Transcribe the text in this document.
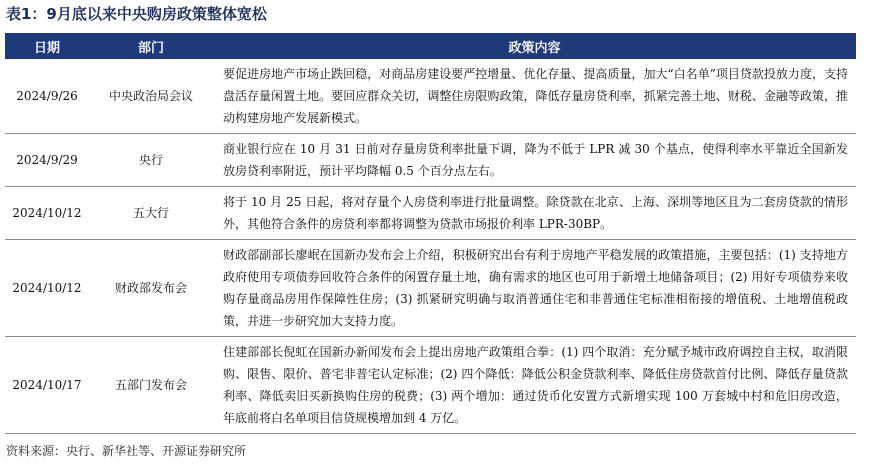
表1：9月底以来中央购房政策整体宽松
日期	部门	政策内容
2024/9/26	中央政治局会议	要促进房地产市场止跌回稳，对商品房建设要严控增量、优化存量、提高质量，加大“白名单”项目贷款投放力度，支持盘活存量闲置土地。要回应群众关切，调整住房限购政策，降低存量房贷利率，抓紧完善土地、财税、金融等政策，推动构建房地产发展新模式。
2024/9/29	央行	商业银行应在 10 月 31 日前对存量房贷利率批量下调，降为不低于 LPR 减 30 个基点，使得利率水平靠近全国新发放房贷利率附近，预计平均降幅 0.5 个百分点左右。
2024/10/12	五大行	将于 10 月 25 日起，将对存量个人房贷利率进行批量调整。除贷款在北京、上海、深圳等地区且为二套房贷款的情形外，其他符合条件的房贷利率都将调整为贷款市场报价利率 LPR-30BP。
2024/10/12	财政部发布会	财政部副部长廖岷在国新办发布会上介绍，积极研究出台有利于房地产平稳发展的政策措施，主要包括：(1) 支持地方政府使用专项债券回收符合条件的闲置存量土地，确有需求的地区也可用于新增土地储备项目；(2) 用好专项债券来收购存量商品房用作保障性住房；(3) 抓紧研究明确与取消普通住宅和非普通住宅标准相衔接的增值税、土地增值税政策，并进一步研究加大支持力度。
2024/10/17	五部门发布会	住建部部长倪虹在国新办新闻发布会上提出房地产政策组合拳：(1) 四个取消：充分赋予城市政府调控自主权，取消限购、限售、限价、普宅非普宅认定标准；(2) 四个降低：降低公积金贷款利率、降低住房贷款首付比例、降低存量贷款利率、降低卖旧买新换购住房的税费；(3) 两个增加：通过货币化安置方式新增实现 100 万套城中村和危旧房改造，年底前将白名单项目信贷规模增加到 4 万亿。
资料来源：央行、新华社等、开源证券研究所
